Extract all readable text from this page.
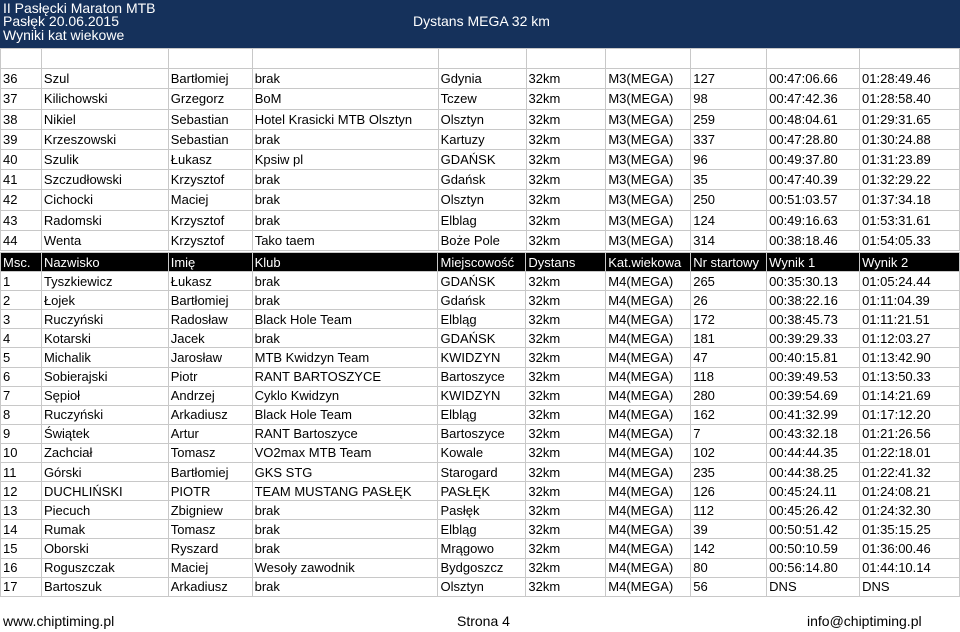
II Pasłęcki Maraton MTB
Pasłęk 20.06.2015
Wyniki kat wiekowe
Dystans MEGA 32 km

36	Szul	Bartłomiej	brak	Gdynia	32km	M3(MEGA)	127	00:47:06.66	01:28:49.46
37	Kilichowski	Grzegorz	BoM	Tczew	32km	M3(MEGA)	98	00:47:42.36	01:28:58.40
38	Nikiel	Sebastian	Hotel Krasicki MTB Olsztyn	Olsztyn	32km	M3(MEGA)	259	00:48:04.61	01:29:31.65
39	Krzeszowski	Sebastian	brak	Kartuzy	32km	M3(MEGA)	337	00:47:28.80	01:30:24.88
40	Szulik	Łukasz	Kpsiw pl	GDAŃSK	32km	M3(MEGA)	96	00:49:37.80	01:31:23.89
41	Szczudłowski	Krzysztof	brak	Gdańsk	32km	M3(MEGA)	35	00:47:40.39	01:32:29.22
42	Cichocki	Maciej	brak	Olsztyn	32km	M3(MEGA)	250	00:51:03.57	01:37:34.18
43	Radomski	Krzysztof	brak	Elblag	32km	M3(MEGA)	124	00:49:16.63	01:53:31.61
44	Wenta	Krzysztof	Tako taem	Boże Pole	32km	M3(MEGA)	314	00:38:18.46	01:54:05.33
Msc.	Nazwisko	Imię	Klub	Miejscowość	Dystans	Kat.wiekowa	Nr startowy	Wynik 1	Wynik 2
1	Tyszkiewicz	Łukasz	brak	GDAŃSK	32km	M4(MEGA)	265	00:35:30.13	01:05:24.44
2	Łojek	Bartłomiej	brak	Gdańsk	32km	M4(MEGA)	26	00:38:22.16	01:11:04.39
3	Ruczyński	Radosław	Black Hole Team	Elbląg	32km	M4(MEGA)	172	00:38:45.73	01:11:21.51
4	Kotarski	Jacek	brak	GDAŃSK	32km	M4(MEGA)	181	00:39:29.33	01:12:03.27
5	Michalik	Jarosław	MTB Kwidzyn Team	KWIDZYN	32km	M4(MEGA)	47	00:40:15.81	01:13:42.90
6	Sobierajski	Piotr	RANT BARTOSZYCE	Bartoszyce	32km	M4(MEGA)	118	00:39:49.53	01:13:50.33
7	Sępioł	Andrzej	Cyklo Kwidzyn	KWIDZYN	32km	M4(MEGA)	280	00:39:54.69	01:14:21.69
8	Ruczyński	Arkadiusz	Black Hole Team	Elbląg	32km	M4(MEGA)	162	00:41:32.99	01:17:12.20
9	Świątek	Artur	RANT Bartoszyce	Bartoszyce	32km	M4(MEGA)	7	00:43:32.18	01:21:26.56
10	Zachciał	Tomasz	VO2max MTB Team	Kowale	32km	M4(MEGA)	102	00:44:44.35	01:22:18.01
11	Górski	Bartłomiej	GKS STG	Starogard	32km	M4(MEGA)	235	00:44:38.25	01:22:41.32
12	DUCHLIŃSKI	PIOTR	TEAM MUSTANG PASŁĘK	PASŁĘK	32km	M4(MEGA)	126	00:45:24.11	01:24:08.21
13	Piecuch	Zbigniew	brak	Pasłęk	32km	M4(MEGA)	112	00:45:26.42	01:24:32.30
14	Rumak	Tomasz	brak	Elbląg	32km	M4(MEGA)	39	00:50:51.42	01:35:15.25
15	Oborski	Ryszard	brak	Mrągowo	32km	M4(MEGA)	142	00:50:10.59	01:36:00.46
16	Roguszczak	Maciej	Wesoły zawodnik	Bydgoszcz	32km	M4(MEGA)	80	00:56:14.80	01:44:10.14
17	Bartoszuk	Arkadiusz	brak	Olsztyn	32km	M4(MEGA)	56	DNS	DNS
www.chiptiming.pl	Strona 4	info@chiptiming.pl
